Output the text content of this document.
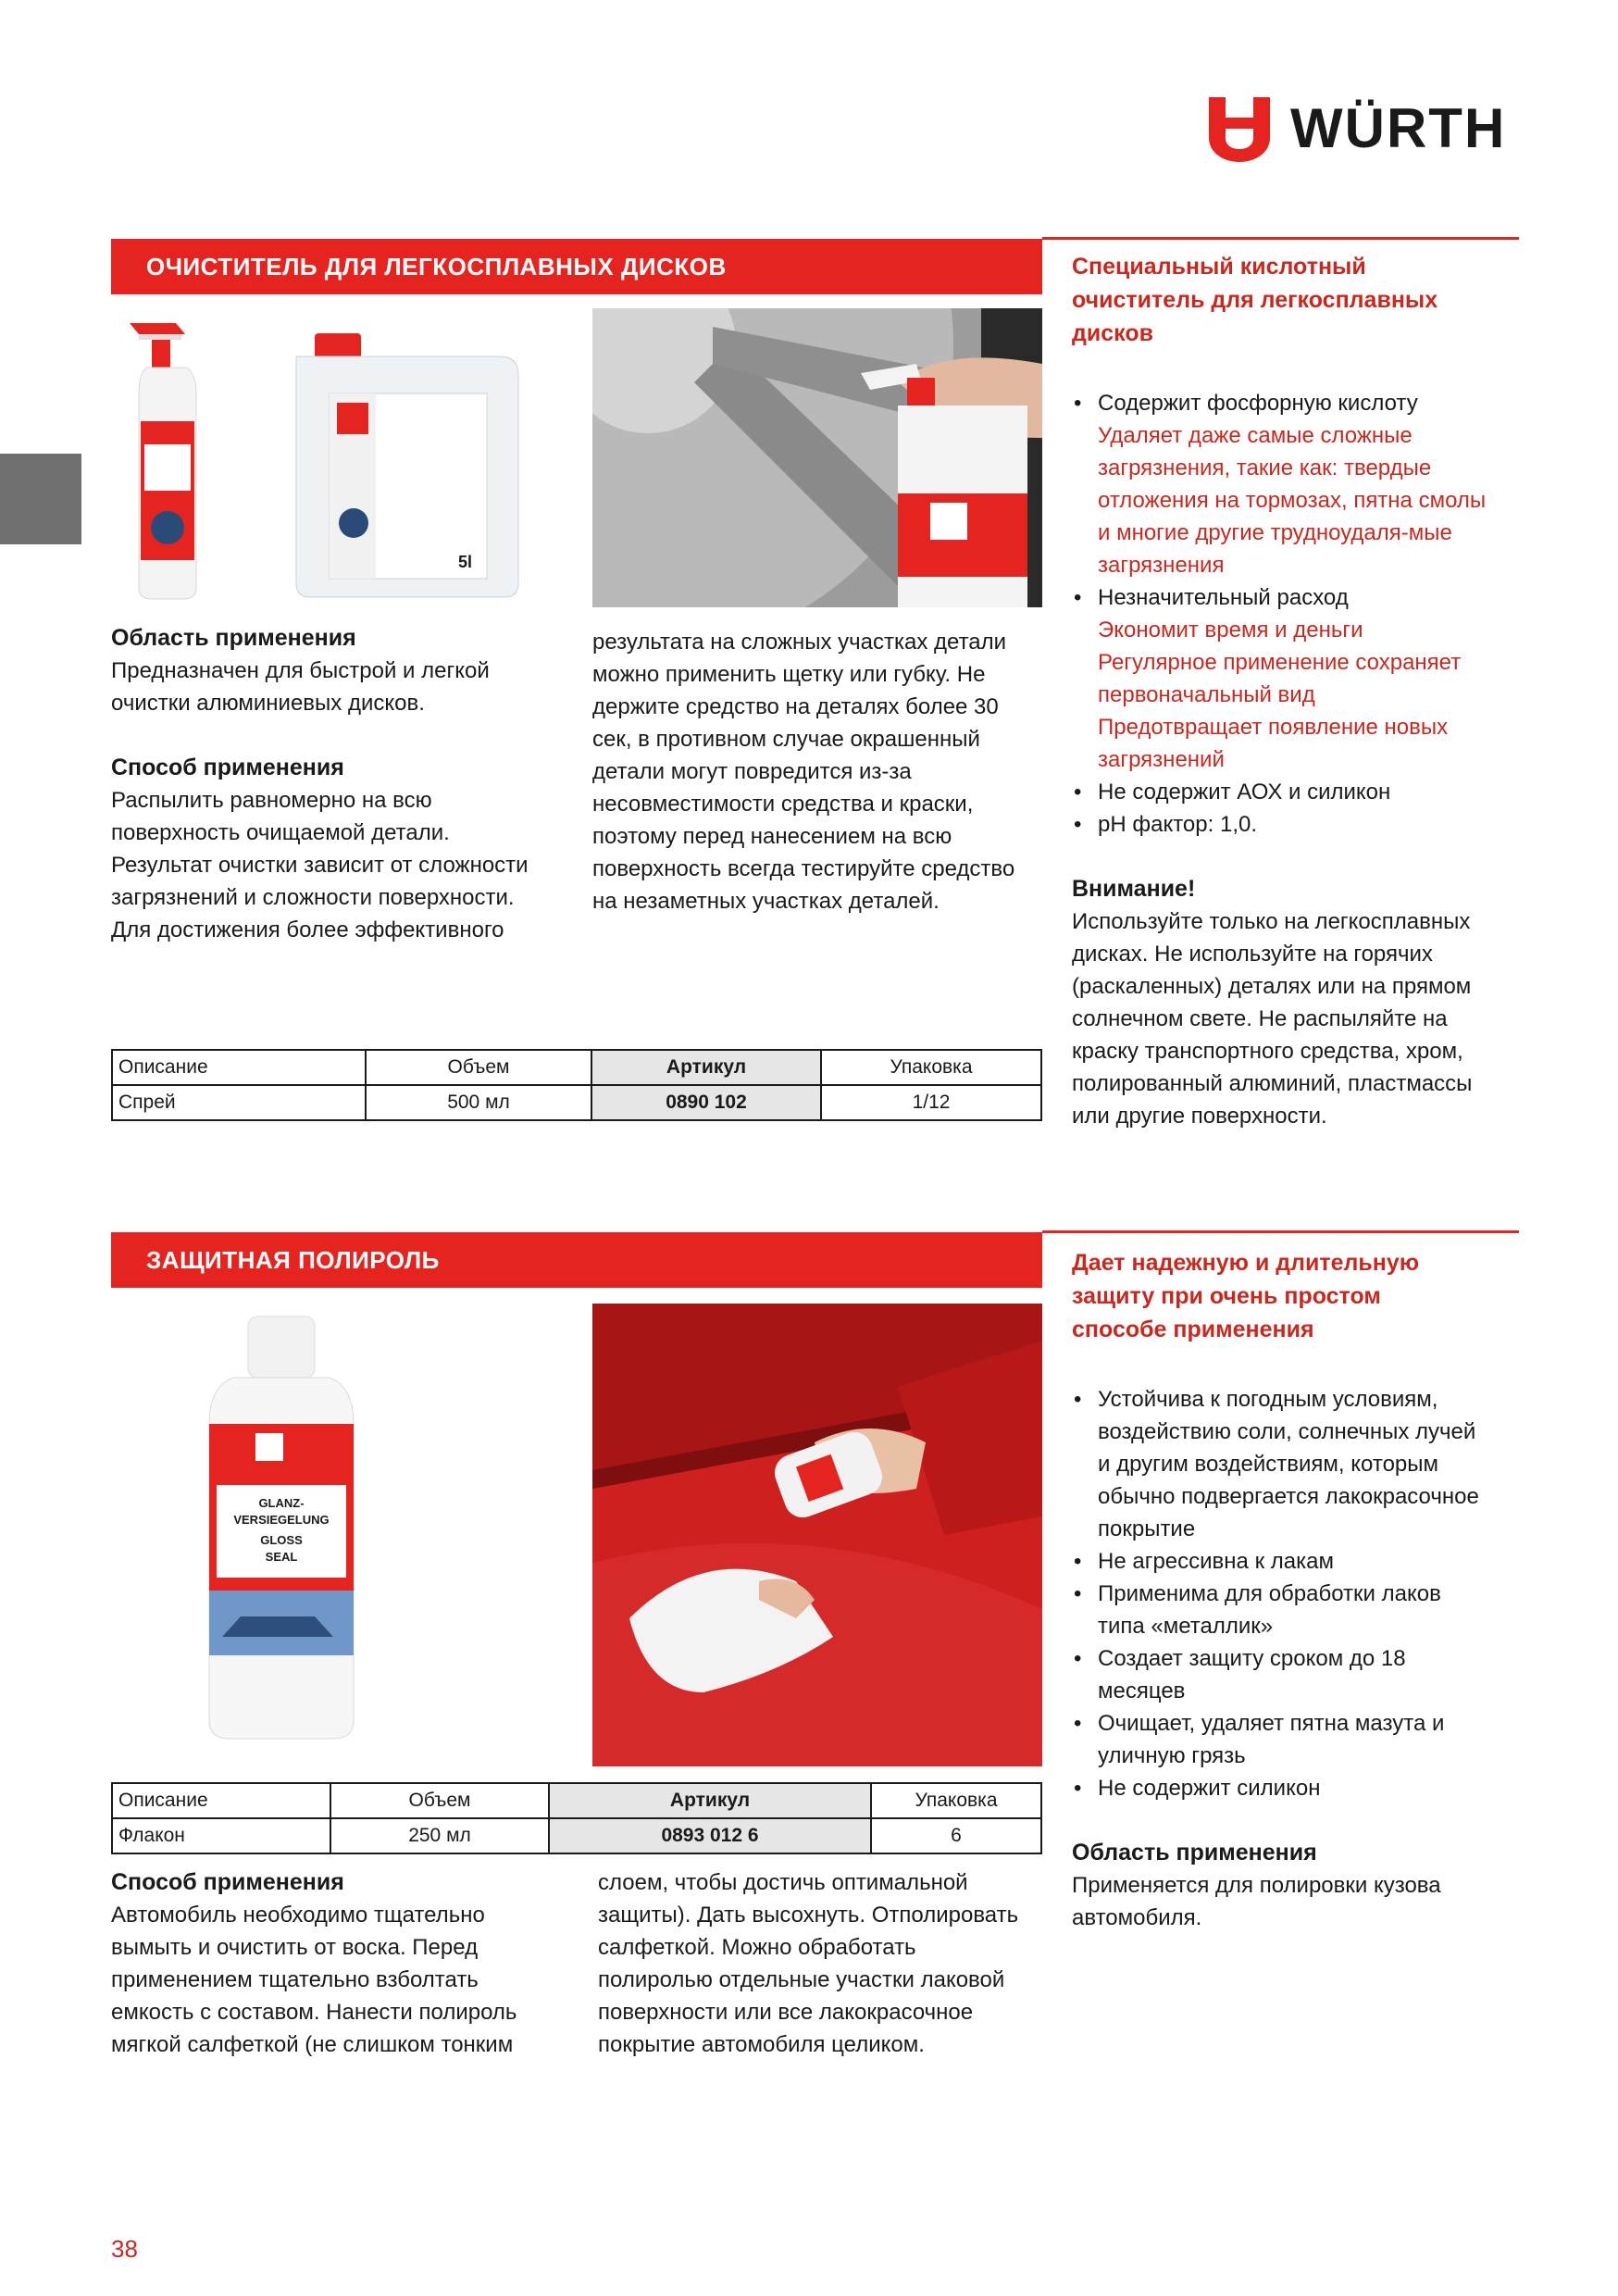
WÜRTH
ОЧИСТИТЕЛЬ ДЛЯ ЛЕГКОСПЛАВНЫХ ДИСКОВ
5l
Область применения

Предназначен для быстрой и легкой

очистки алюминиевых дисков.

Способ применения

Распылить равномерно на всю

поверхность очищаемой детали.

Результат очистки зависит от сложности

загрязнений и сложности поверхности.

Для достижения более эффективного

результата на сложных участках детали

можно применить щетку или губку. Не

держите средство на деталях более 30

сек, в противном случае окрашенный

детали могут повредится из-за

несовместимости средства и краски,

поэтому перед нанесением на всю

поверхность всегда тестируйте средство

на незаметных участках деталей.

Описание	Объем	Артикул	Упаковка
Спрей	500 мл	0890 102	1/12
Специальный кислотный
очиститель для легкосплавных
дисков
• Содержит фосфорную кислоту
Удаляет даже самые сложные
загрязнения, такие как: твердые
отложения на тормозах, пятна смолы
и многие другие трудноудаля-мые
загрязнения
• Незначительный расход
Экономит время и деньги
Регулярное применение сохраняет
первоначальный вид
Предотвращает появление новых
загрязнений
• Не содержит АОХ и силикон
• pH фактор: 1,0.
Внимание!

Используйте только на легкосплавных

дисках. Не используйте на горячих

(раскаленных) деталях или на прямом

солнечном свете. Не распыляйте на

краску транспортного средства, хром,

полированный алюминий, пластмассы

или другие поверхности.

ЗАЩИТНАЯ ПОЛИРОЛЬ
GLANZ-
VERSIEGELUNG
GLOSS
SEAL
Описание	Объем	Артикул	Упаковка
Флакон	250 мл	0893 012 6	6
Способ применения

Автомобиль необходимо тщательно

вымыть и очистить от воска. Перед

применением тщательно взболтать

емкость с составом. Нанести полироль

мягкой салфеткой (не слишком тонким

слоем, чтобы достичь оптимальной

защиты). Дать высохнуть. Отполировать

салфеткой. Можно обработать

полиролью отдельные участки лаковой

поверхности или все лакокрасочное

покрытие автомобиля целиком.

Дает надежную и длительную
защиту при очень простом
способе применения
• Устойчива к погодным условиям,
воздействию соли, солнечных лучей
и другим воздействиям, которым
обычно подвергается лакокрасочное
покрытие
• Не агрессивна к лакам
• Применима для обработки лаков
типа «металлик»
• Создает защиту сроком до 18
месяцев
• Очищает, удаляет пятна мазута и
уличную грязь
• Не содержит силикон
Область применения

Применяется для полировки кузова

автомобиля.

38
